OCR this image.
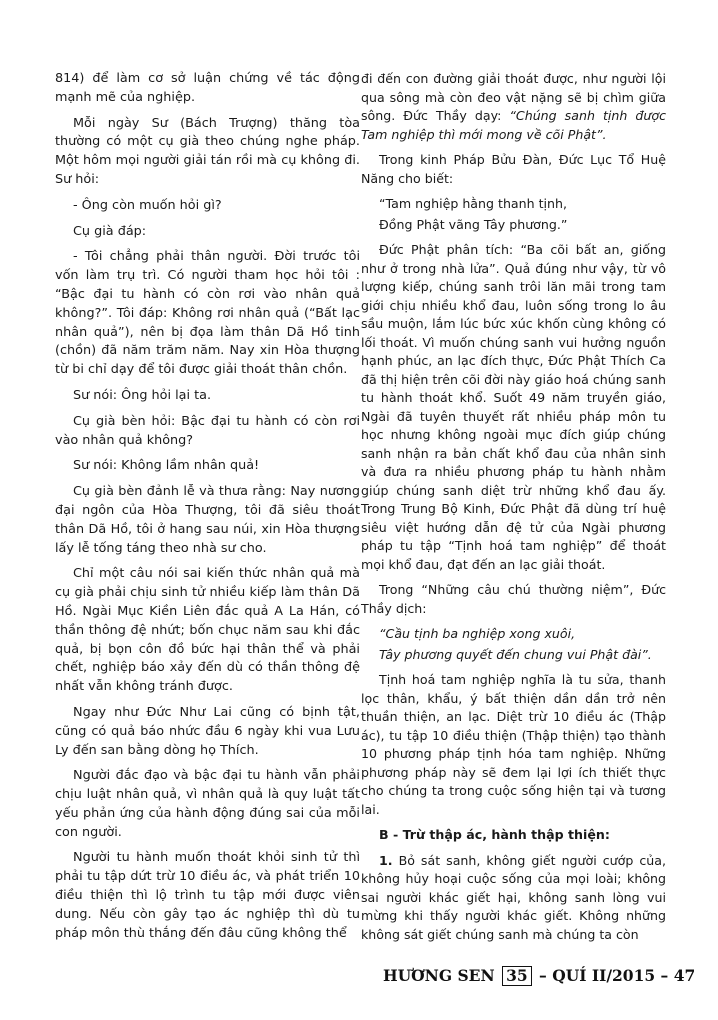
814) để làm cơ sở luận chứng về tác động mạnh mẽ của nghiệp.

Mỗi ngày Sư (Bách Trượng) thăng tòa thường có một cụ già theo chúng nghe pháp. Một hôm mọi người giải tán rồi mà cụ không đi. Sư hỏi:

- Ông còn muốn hỏi gì?

Cụ già đáp:

- Tôi chẳng phải thân người. Đời trước tôi vốn làm trụ trì. Có người tham học hỏi tôi : “Bậc đại tu hành có còn rơi vào nhân quả không?”. Tôi đáp: Không rơi nhân quả (“Bất lạc nhân quả”), nên bị đọa làm thân Dã Hồ tinh (chồn) đã năm trăm năm. Nay xin Hòa thượng từ bi chỉ dạy để tôi được giải thoát thân chồn.

Sư nói: Ông hỏi lại ta.

Cụ già bèn hỏi: Bậc đại tu hành có còn rơi vào nhân quả không?

Sư nói: Không lầm nhân quả!

Cụ già bèn đảnh lễ và thưa rằng: Nay nương đại ngôn của Hòa Thượng, tôi đã siêu thoát thân Dã Hồ, tôi ở hang sau núi, xin Hòa thượng lấy lễ tống táng theo nhà sư cho.

Chỉ một câu nói sai kiến thức nhân quả mà cụ già phải chịu sinh tử nhiều kiếp làm thân Dã Hồ. Ngài Mục Kiền Liên đắc quả A La Hán, có thần thông đệ nhứt; bốn chục năm sau khi đắc quả, bị bọn côn đồ bức hại thân thể và phải chết, nghiệp báo xảy đến dù có thần thông đệ nhất vẫn không tránh được.

Ngay như Đức Như Lai cũng có bịnh tật, cũng có quả báo nhức đầu 6 ngày khi vua Lưu Ly đến san bằng dòng họ Thích.

Người đắc đạo và bậc đại tu hành vẫn phải chịu luật nhân quả, vì nhân quả là quy luật tất yếu phản ứng của hành động đúng sai của mỗi con người.

Người tu hành muốn thoát khỏi sinh tử thì phải tu tập dứt trừ 10 điều ác, và phát triển 10 điều thiện thì lộ trình tu tập mới được viên dung. Nếu còn gây tạo ác nghiệp thì dù tu pháp môn thù thắng đến đâu cũng không thể

đi đến con đường giải thoát được, như người lội qua sông mà còn đeo vật nặng sẽ bị chìm giữa sông. Đức Thầy dạy: “Chúng sanh tịnh được Tam nghiệp thì mới mong về cõi Phật”.

Trong kinh Pháp Bửu Đàn, Đức Lục Tổ Huệ Năng cho biết:

“Tam nghiệp hằng thanh tịnh,

Đồng Phật vãng Tây phương.”

Đức Phật phân tích: “Ba cõi bất an, giống như ở trong nhà lửa”. Quả đúng như vậy, từ vô lượng kiếp, chúng sanh trôi lăn mãi trong tam giới chịu nhiều khổ đau, luôn sống trong lo âu sầu muộn, lắm lúc bức xúc khốn cùng không có lối thoát. Vì muốn chúng sanh vui hưởng nguồn hạnh phúc, an lạc đích thực, Đức Phật Thích Ca đã thị hiện trên cõi đời này giáo hoá chúng sanh tu hành thoát khổ. Suốt 49 năm truyền giáo, Ngài đã tuyên thuyết rất nhiều pháp môn tu học nhưng không ngoài mục đích giúp chúng sanh nhận ra bản chất khổ đau của nhân sinh và đưa ra nhiều phương pháp tu hành nhằm giúp chúng sanh diệt trừ những khổ đau ấy. Trong Trung Bộ Kinh, Đức Phật đã dùng trí huệ siêu việt hướng dẫn đệ tử của Ngài phương pháp tu tập “Tịnh hoá tam nghiệp” để thoát mọi khổ đau, đạt đến an lạc giải thoát.

Trong “Những câu chú thường niệm”, Đức Thầy dịch:

“Cầu tịnh ba nghiệp xong xuôi,

Tây phương quyết đến chung vui Phật đài”.

Tịnh hoá tam nghiệp nghĩa là tu sửa, thanh lọc thân, khẩu, ý bất thiện dần dần trở nên thuần thiện, an lạc. Diệt trừ 10 điều ác (Thập ác), tu tập 10 điều thiện (Thập thiện) tạo thành 10 phương pháp tịnh hóa tam nghiệp. Những phương pháp này sẽ đem lại lợi ích thiết thực cho chúng ta trong cuộc sống hiện tại và tương lai.

B - Trừ thập ác, hành thập thiện:

1. Bỏ sát sanh, không giết người cướp của, không hủy hoại cuộc sống của mọi loài; không sai người khác giết hại, không sanh lòng vui mừng khi thấy người khác giết. Không những không sát giết chúng sanh mà chúng ta còn

HƯƠNG SEN 35 – QUÍ II/2015 – 47
